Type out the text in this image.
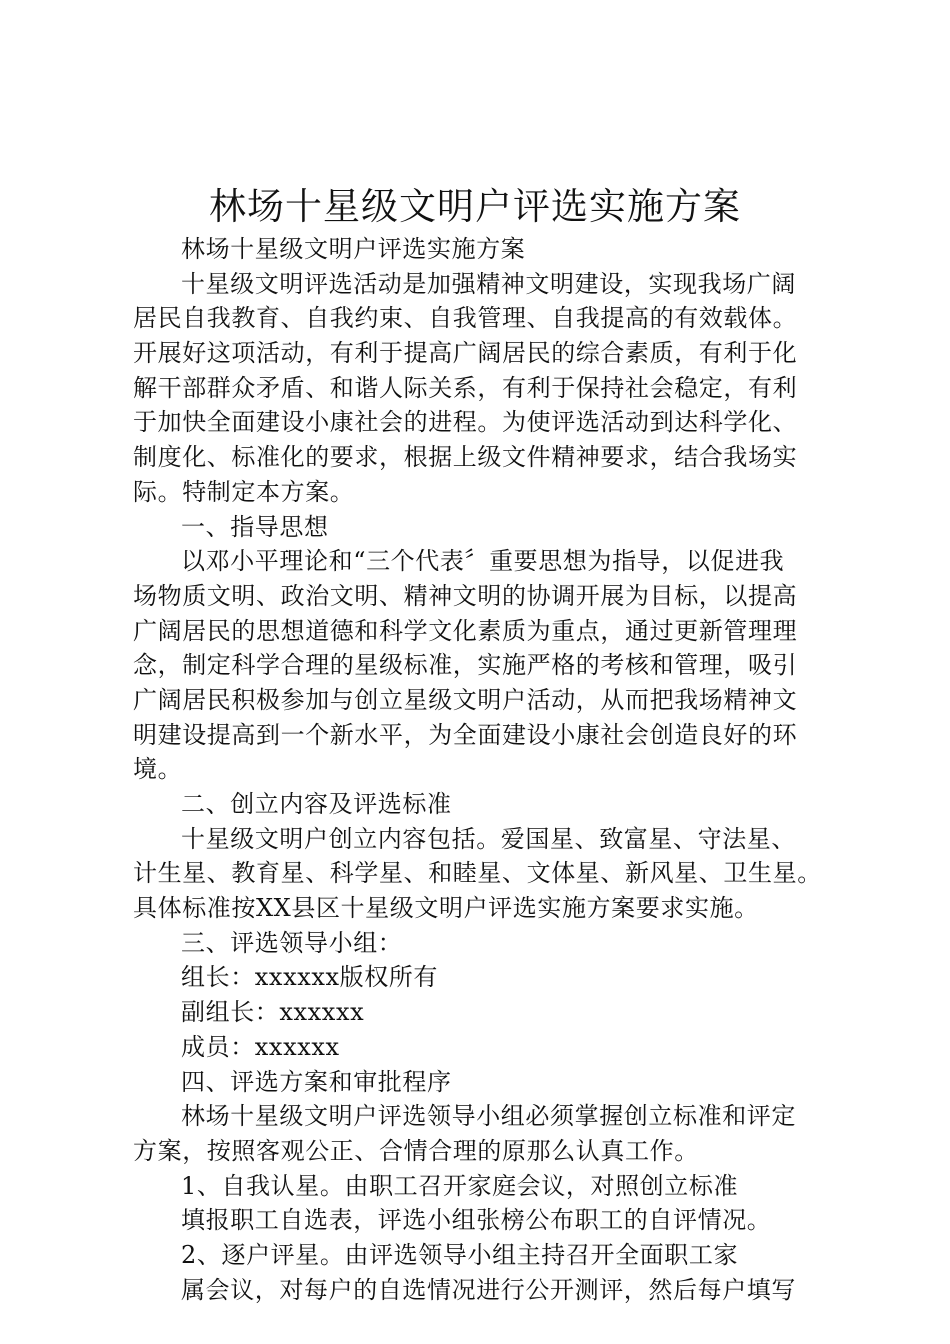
林场十星级文明户评选实施方案
林场十星级文明户评选实施方案
十星级文明评选活动是加强精神文明建设，实现我场广阔
居民自我教育、自我约束、自我管理、自我提高的有效载体。
开展好这项活动，有利于提高广阔居民的综合素质，有利于化
解干部群众矛盾、和谐人际关系，有利于保持社会稳定，有利
于加快全面建设小康社会的进程。为使评选活动到达科学化、
制度化、标准化的要求，根据上级文件精神要求，结合我场实
际。特制定本方案。
一、指导思想
以邓小平理论和“三个代表〞重要思想为指导，以促进我
场物质文明、政治文明、精神文明的协调开展为目标，以提高
广阔居民的思想道德和科学文化素质为重点，通过更新管理理
念，制定科学合理的星级标准，实施严格的考核和管理，吸引
广阔居民积极参加与创立星级文明户活动，从而把我场精神文
明建设提高到一个新水平，为全面建设小康社会创造良好的环
境。
二、创立内容及评选标准
十星级文明户创立内容包括。爱国星、致富星、守法星、
计生星、教育星、科学星、和睦星、文体星、新风星、卫生星。
具体标准按XX县区十星级文明户评选实施方案要求实施。
三、评选领导小组：
组长：xxxxxx版权所有
副组长：xxxxxx
成员：xxxxxx
四、评选方案和审批程序
林场十星级文明户评选领导小组必须掌握创立标准和评定
方案，按照客观公正、合情合理的原那么认真工作。
1、自我认星。由职工召开家庭会议，对照创立标准
填报职工自选表，评选小组张榜公布职工的自评情况。
2、逐户评星。由评选领导小组主持召开全面职工家
属会议，对每户的自选情况进行公开测评，然后每户填写
